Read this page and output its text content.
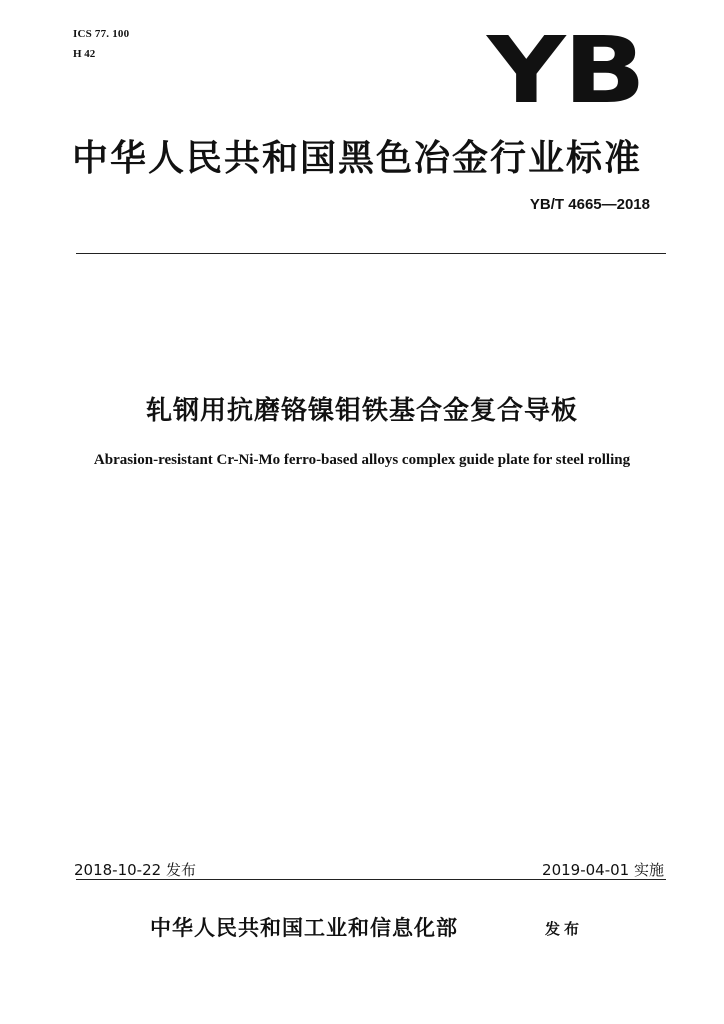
ICS 77. 100
H 42	YB
中华人民共和国黑色冶金行业标准
YB/T 4665—2018
轧钢用抗磨铬镍钼铁基合金复合导板
Abrasion-resistant Cr-Ni-Mo ferro-based alloys complex guide plate for steel rolling
2018-10-22 发布	2019-04-01 实施
中华人民共和国工业和信息化部	发布
